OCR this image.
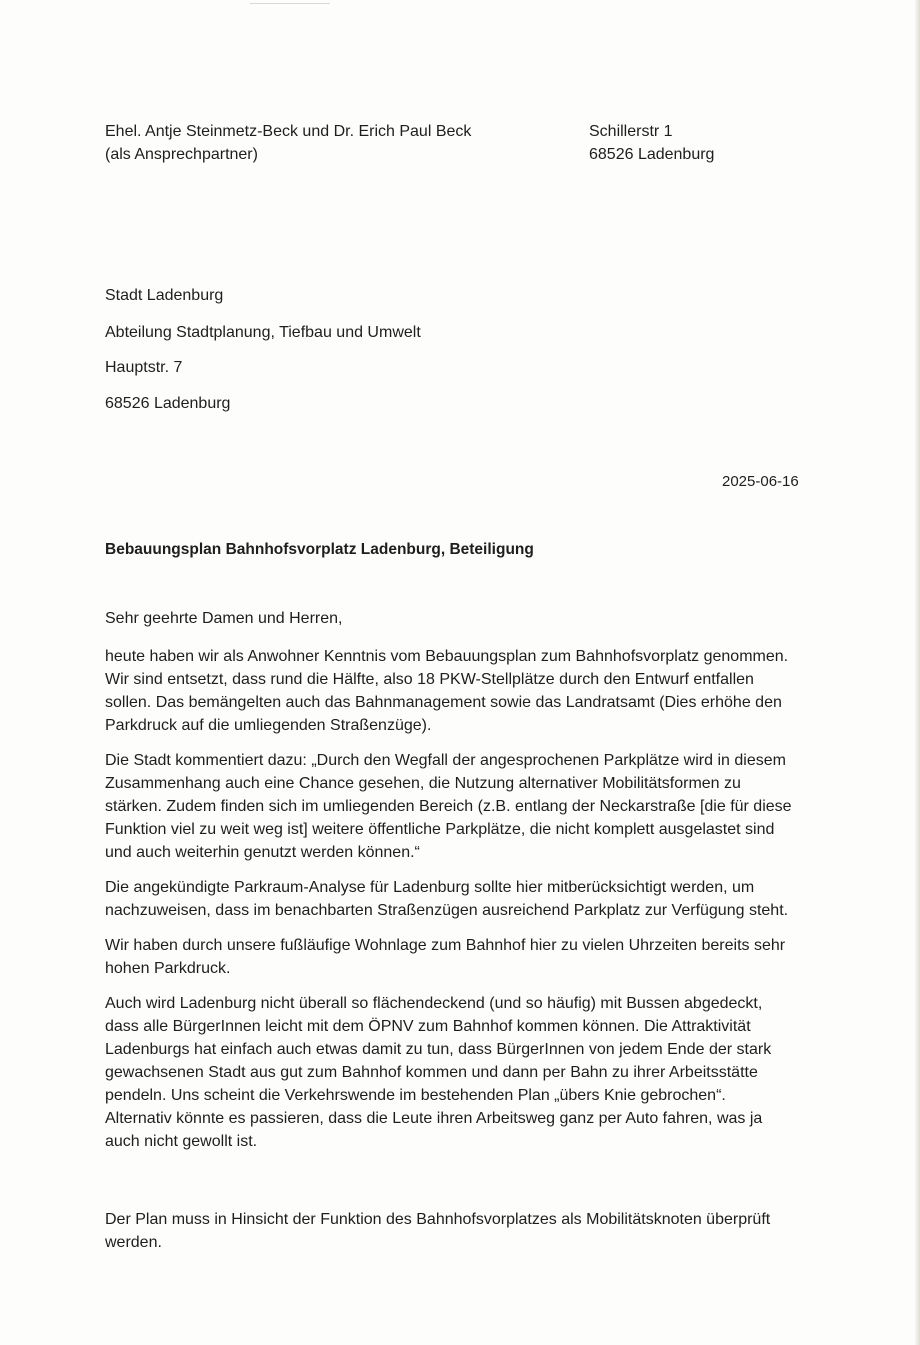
Ehel. Antje Steinmetz-Beck und Dr. Erich Paul Beck
(als Ansprechpartner)
Schillerstr 1
68526 Ladenburg
Stadt Ladenburg
Abteilung Stadtplanung, Tiefbau und Umwelt
Hauptstr. 7
68526 Ladenburg
2025-06-16
Bebauungsplan Bahnhofsvorplatz Ladenburg, Beteiligung
Sehr geehrte Damen und Herren,
heute haben wir als Anwohner Kenntnis vom Bebauungsplan zum Bahnhofsvorplatz genommen.
Wir sind entsetzt, dass rund die Hälfte, also 18 PKW-Stellplätze durch den Entwurf entfallen
sollen. Das bemängelten auch das Bahnmanagement sowie das Landratsamt (Dies erhöhe den
Parkdruck auf die umliegenden Straßenzüge).
Die Stadt kommentiert dazu: „Durch den Wegfall der angesprochenen Parkplätze wird in diesem
Zusammenhang auch eine Chance gesehen, die Nutzung alternativer Mobilitätsformen zu
stärken. Zudem finden sich im umliegenden Bereich (z.B. entlang der Neckarstraße [die für diese
Funktion viel zu weit weg ist] weitere öffentliche Parkplätze, die nicht komplett ausgelastet sind
und auch weiterhin genutzt werden können.“
Die angekündigte Parkraum-Analyse für Ladenburg sollte hier mitberücksichtigt werden, um
nachzuweisen, dass im benachbarten Straßenzügen ausreichend Parkplatz zur Verfügung steht.
Wir haben durch unsere fußläufige Wohnlage zum Bahnhof hier zu vielen Uhrzeiten bereits sehr
hohen Parkdruck.
Auch wird Ladenburg nicht überall so flächendeckend (und so häufig) mit Bussen abgedeckt,
dass alle BürgerInnen leicht mit dem ÖPNV zum Bahnhof kommen können. Die Attraktivität
Ladenburgs hat einfach auch etwas damit zu tun, dass BürgerInnen von jedem Ende der stark
gewachsenen Stadt aus gut zum Bahnhof kommen und dann per Bahn zu ihrer Arbeitsstätte
pendeln. Uns scheint die Verkehrswende im bestehenden Plan „übers Knie gebrochen“.
Alternativ könnte es passieren, dass die Leute ihren Arbeitsweg ganz per Auto fahren, was ja
auch nicht gewollt ist.
Der Plan muss in Hinsicht der Funktion des Bahnhofsvorplatzes als Mobilitätsknoten überprüft
werden.
